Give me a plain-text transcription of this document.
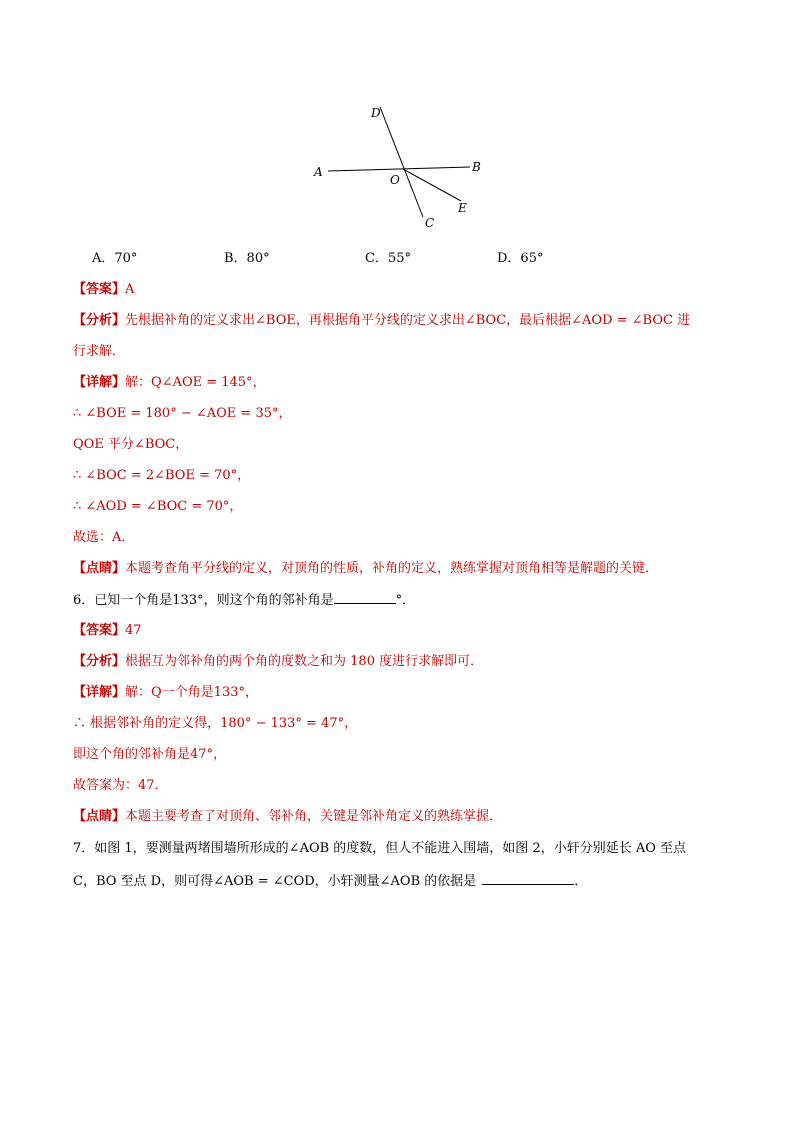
A	B
C
D
E
O
A．70°	B．80°	C．55°	D．65°
【答案】A
【分析】先根据补角的定义求出∠BOE，再根据角平分线的定义求出∠BOC，最后根据∠AOD = ∠BOC 进
行求解．
【详解】解：Q∠AOE = 145°，
∴ ∠BOE = 180° − ∠AOE = 35°，
QOE 平分∠BOC，
∴ ∠BOC = 2∠BOE = 70°，
∴ ∠AOD = ∠BOC = 70°，
故选：A．
【点睛】本题考查角平分线的定义，对顶角的性质，补角的定义，熟练掌握对顶角相等是解题的关键．
6．已知一个角是133°，则这个角的邻补角是	°．
【答案】47
【分析】根据互为邻补角的两个角的度数之和为 180 度进行求解即可．
【详解】解：Q一个角是133°，
∴ 根据邻补角的定义得，180° − 133° = 47°，
即这个角的邻补角是47°，
故答案为：47．
【点睛】本题主要考查了对顶角、邻补角，关键是邻补角定义的熟练掌握．
7．如图 1，要测量两堵围墙所形成的∠AOB 的度数，但人不能进入围墙，如图 2，小轩分别延长 AO 至点
C，BO 至点 D，则可得∠AOB = ∠COD，小轩测量∠AOB 的依据是	．
